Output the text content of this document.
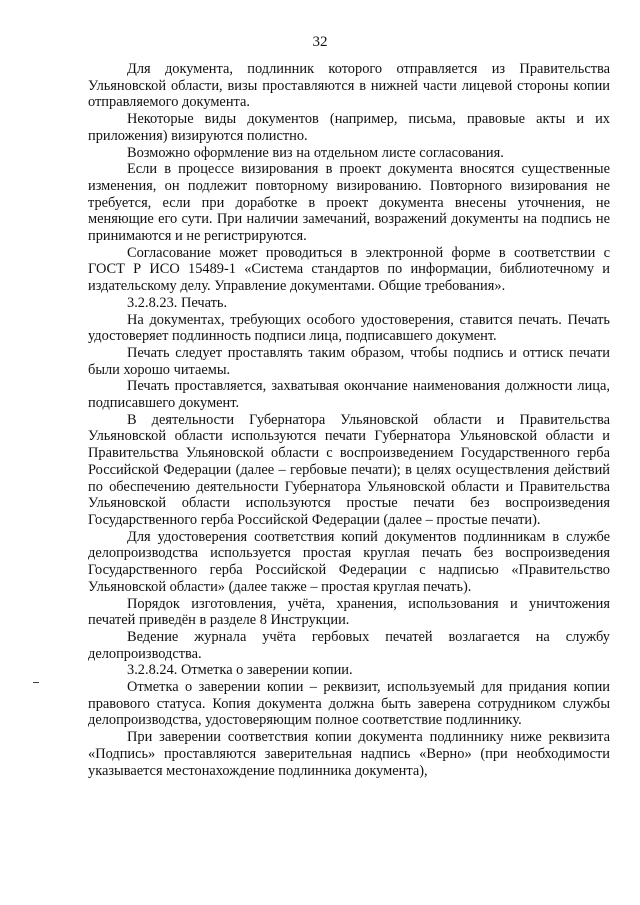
32

Для документа, подлинник которого отправляется из Правительства Ульяновской области, визы проставляются в нижней части лицевой стороны копии отправляемого документа.

Некоторые виды документов (например, письма, правовые акты и их приложения) визируются полистно.

Возможно оформление виз на отдельном листе согласования.

Если в процессе визирования в проект документа вносятся существенные изменения, он подлежит повторному визированию. Повторного визирования не требуется, если при доработке в проект документа внесены уточнения, не меняющие его сути. При наличии замечаний, возражений документы на подпись не принимаются и не регистрируются.

Согласование может проводиться в электронной форме в соответствии с ГОСТ Р ИСО 15489-1 «Система стандартов по информации, библиотечному и издательскому делу. Управление документами. Общие требования».

3.2.8.23. Печать.

На документах, требующих особого удостоверения, ставится печать. Печать удостоверяет подлинность подписи лица, подписавшего документ.

Печать следует проставлять таким образом, чтобы подпись и оттиск печати были хорошо читаемы.

Печать проставляется, захватывая окончание наименования должности лица, подписавшего документ.

В деятельности Губернатора Ульяновской области и Правительства Ульяновской области используются печати Губернатора Ульяновской области и Правительства Ульяновской области с воспроизведением Государственного герба Российской Федерации (далее – гербовые печати); в целях осуществления действий по обеспечению деятельности Губернатора Ульяновской области и Правительства Ульяновской области используются простые печати без воспроизведения Государственного герба Российской Федерации (далее – простые печати).

Для удостоверения соответствия копий документов подлинникам в службе делопроизводства используется простая круглая печать без воспроизведения Государственного герба Российской Федерации с надписью «Правительство Ульяновской области» (далее также – простая круглая печать).

Порядок изготовления, учёта, хранения, использования и уничтожения печатей приведён в разделе 8 Инструкции.

Ведение журнала учёта гербовых печатей возлагается на службу делопроизводства.

3.2.8.24. Отметка о заверении копии.

Отметка о заверении копии – реквизит, используемый для придания копии правового статуса. Копия документа должна быть заверена сотрудником службы делопроизводства, удостоверяющим полное соответствие подлиннику.

При заверении соответствия копии документа подлиннику ниже реквизита «Подпись» проставляются заверительная надпись «Верно» (при необходимости указывается местонахождение подлинника документа),
